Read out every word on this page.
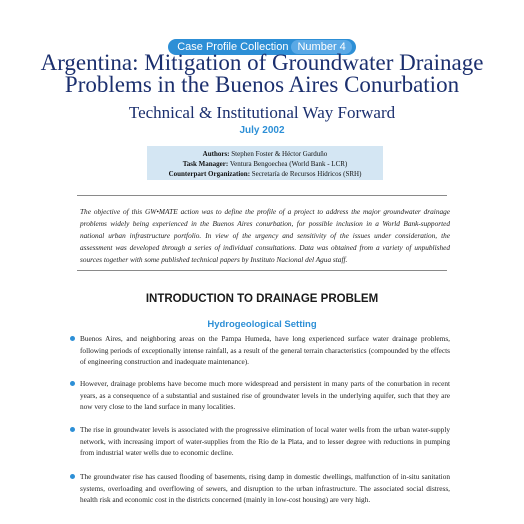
Case Profile Collection Number 4
Argentina: Mitigation of Groundwater Drainage
Problems in the Buenos Aires Conurbation
Technical & Institutional Way Forward
July 2002

Authors: Stephen Foster & Héctor Garduño

Task Manager: Ventura Bengoechea (World Bank - LCR)

Counterpart Organization: Secretaría de Recursos Hídricos (SRH)

The objective of this GW•MATE action was to define the profile of a project to address the major groundwater drainage problems widely being experienced in the Buenos Aires conurbation, for possible inclusion in a World Bank-supported national urban infrastructure portfolio. In view of the urgency and sensitivity of the issues under consideration, the assessment was developed through a series of individual consultations. Data was obtained from a variety of unpublished sources together with some published technical papers by Instituto Nacional del Agua staff.

INTRODUCTION TO DRAINAGE PROBLEM
Hydrogeological Setting

Buenos Aires, and neighboring areas on the Pampa Humeda, have long experienced surface water drainage problems, following periods of exceptionally intense rainfall, as a result of the general terrain characteristics (compounded by the effects of engineering construction and inadequate maintenance).

However, drainage problems have become much more widespread and persistent in many parts of the conurbation in recent years, as a consequence of a substantial and sustained rise of groundwater levels in the underlying aquifer, such that they are now very close to the land surface in many localities.

The rise in groundwater levels is associated with the progressive elimination of local water wells from the urban water-supply network, with increasing import of water-supplies from the Río de la Plata, and to lesser degree with reductions in pumping from industrial water wells due to economic decline.

The groundwater rise has caused flooding of basements, rising damp in domestic dwellings, malfunction of in-situ sanitation systems, overloading and overflowing of sewers, and disruption to the urban infrastructure. The associated social distress, health risk and economic cost in the districts concerned (mainly in low-cost housing) are very high.
